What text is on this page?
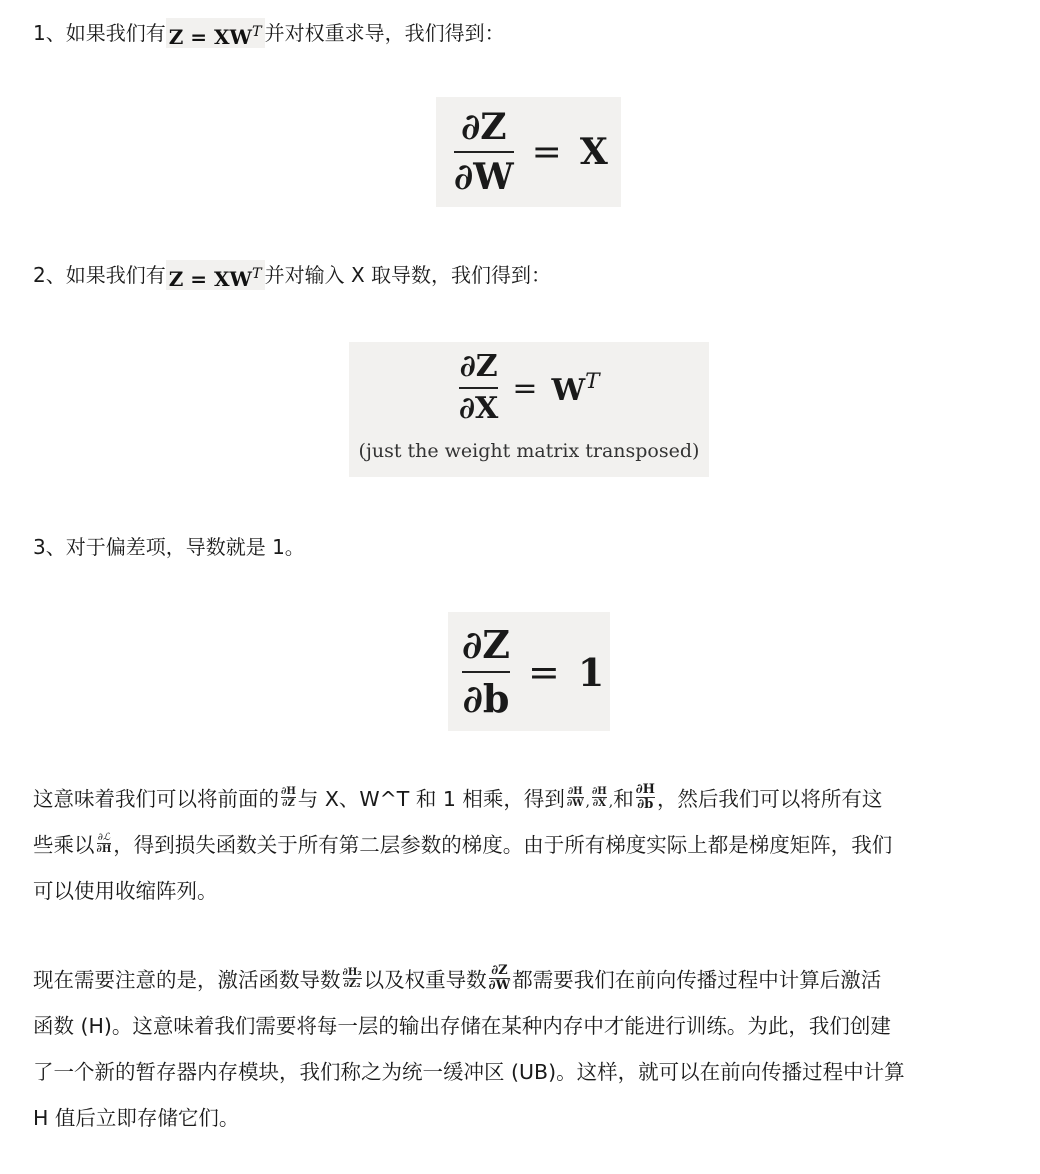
1、如果我们有 $Z = XW^T$ 并对权重求导，我们得到：
$\frac{\partial Z}{\partial W} = X$
2、如果我们有 $Z = XW^T$ 并对输入 X 取导数，我们得到：
$\frac{\partial Z}{\partial X} = W^T$
(just the weight matrix transposed)
3、对于偏差项，导数就是 1。
$\frac{\partial Z}{\partial b} = 1$
这意味着我们可以将前面的 $\frac{\partial H}{\partial Z}$ 与 X、W^T 和 1 相乘，得到 $\frac{\partial H}{\partial W}$ , $\frac{\partial H}{\partial X}$ ,和 $\frac{\partial H}{\partial b}$ ，然后我们可以将所有这
些乘以 ∂ℒ
∂H ，得到损失函数关于所有第二层参数的梯度。由于所有梯度实际上都是梯度矩阵，我们
可以使用收缩阵列。
现在需要注意的是，激活函数导数 $\frac{\text{∂H₂}}{\text{∂Z₂}}$ 以及权重导数 $\frac{\partial Z}{\partial W}$ 都需要我们在前向传播过程中计算后激活
函数 (H)。这意味着我们需要将每一层的输出存储在某种内存中才能进行训练。为此，我们创建
了一个新的暂存器内存模块，我们称之为统一缓冲区 (UB)。这样，就可以在前向传播过程中计算
H 值后立即存储它们。
